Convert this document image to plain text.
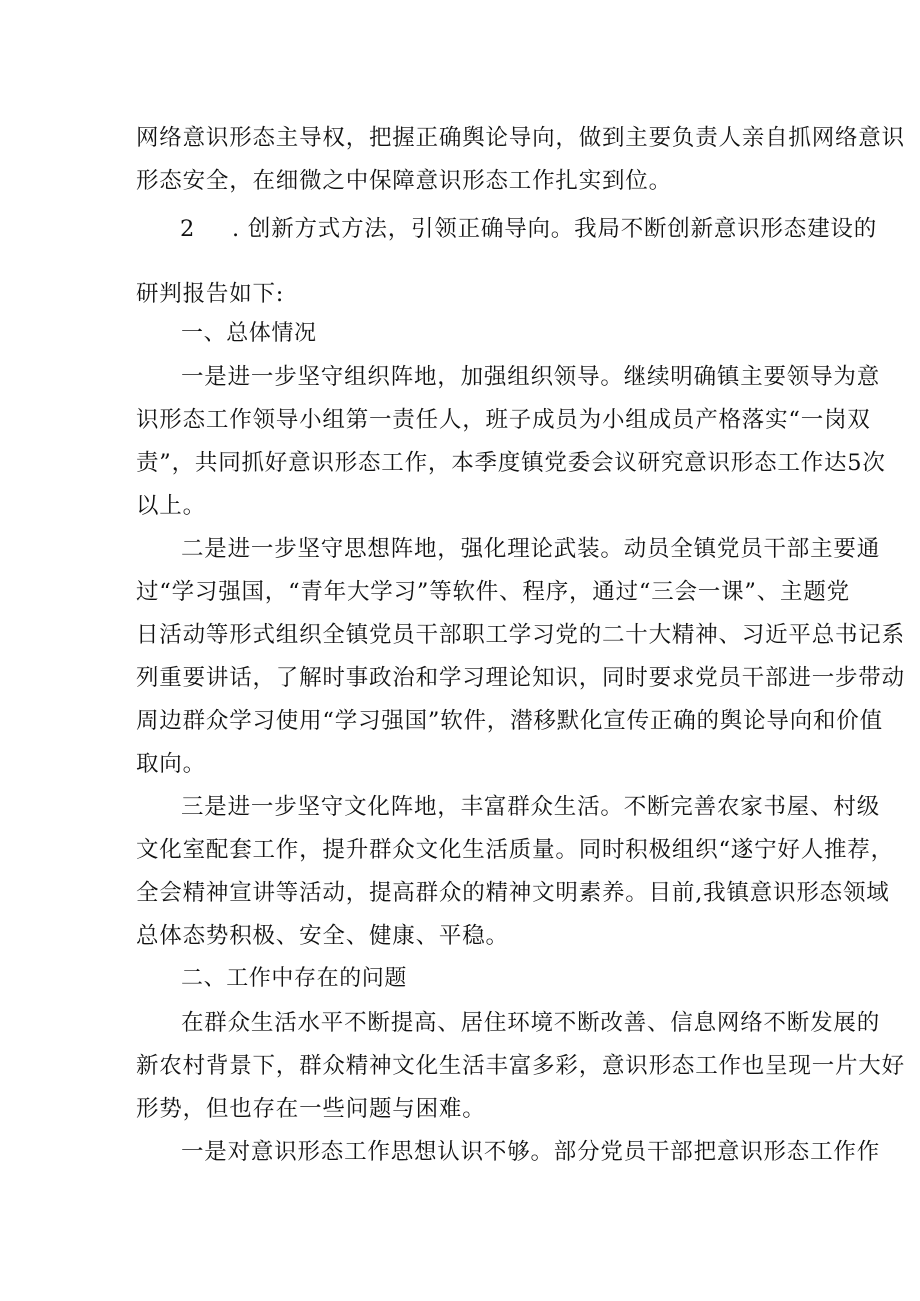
网络意识形态主导权，把握正确舆论导向，做到主要负责人亲自抓网络意识
形态安全，在细微之中保障意识形态工作扎实到位。
2 . 创新方式方法，引领正确导向。我局不断创新意识形态建设的
研判报告如下:
一、总体情况
一是进一步坚守组织阵地，加强组织领导。继续明确镇主要领导为意
识形态工作领导小组第一责任人，班子成员为小组成员产格落实“一岗双
责”，共同抓好意识形态工作，本季度镇党委会议研究意识形态工作达5次
以上。
二是进一步坚守思想阵地，强化理论武装。动员全镇党员干部主要通
过“学习强国，“青年大学习”等软件、程序，通过“三会一课”、主题党
日活动等形式组织全镇党员干部职工学习党的二十大精神、习近平总书记系
列重要讲话，了解时事政治和学习理论知识，同时要求党员干部进一步带动
周边群众学习使用“学习强国”软件，潜移默化宣传正确的舆论导向和价值
取向。
三是进一步坚守文化阵地，丰富群众生活。不断完善农家书屋、村级
文化室配套工作，提升群众文化生活质量。同时积极组织“遂宁好人推荐，
全会精神宣讲等活动，提高群众的精神文明素养。目前,我镇意识形态领域
总体态势积极、安全、健康、平稳。
二、工作中存在的问题
在群众生活水平不断提高、居住环境不断改善、信息网络不断发展的
新农村背景下，群众精神文化生活丰富多彩，意识形态工作也呈现一片大好
形势，但也存在一些问题与困难。
一是对意识形态工作思想认识不够。部分党员干部把意识形态工作作
